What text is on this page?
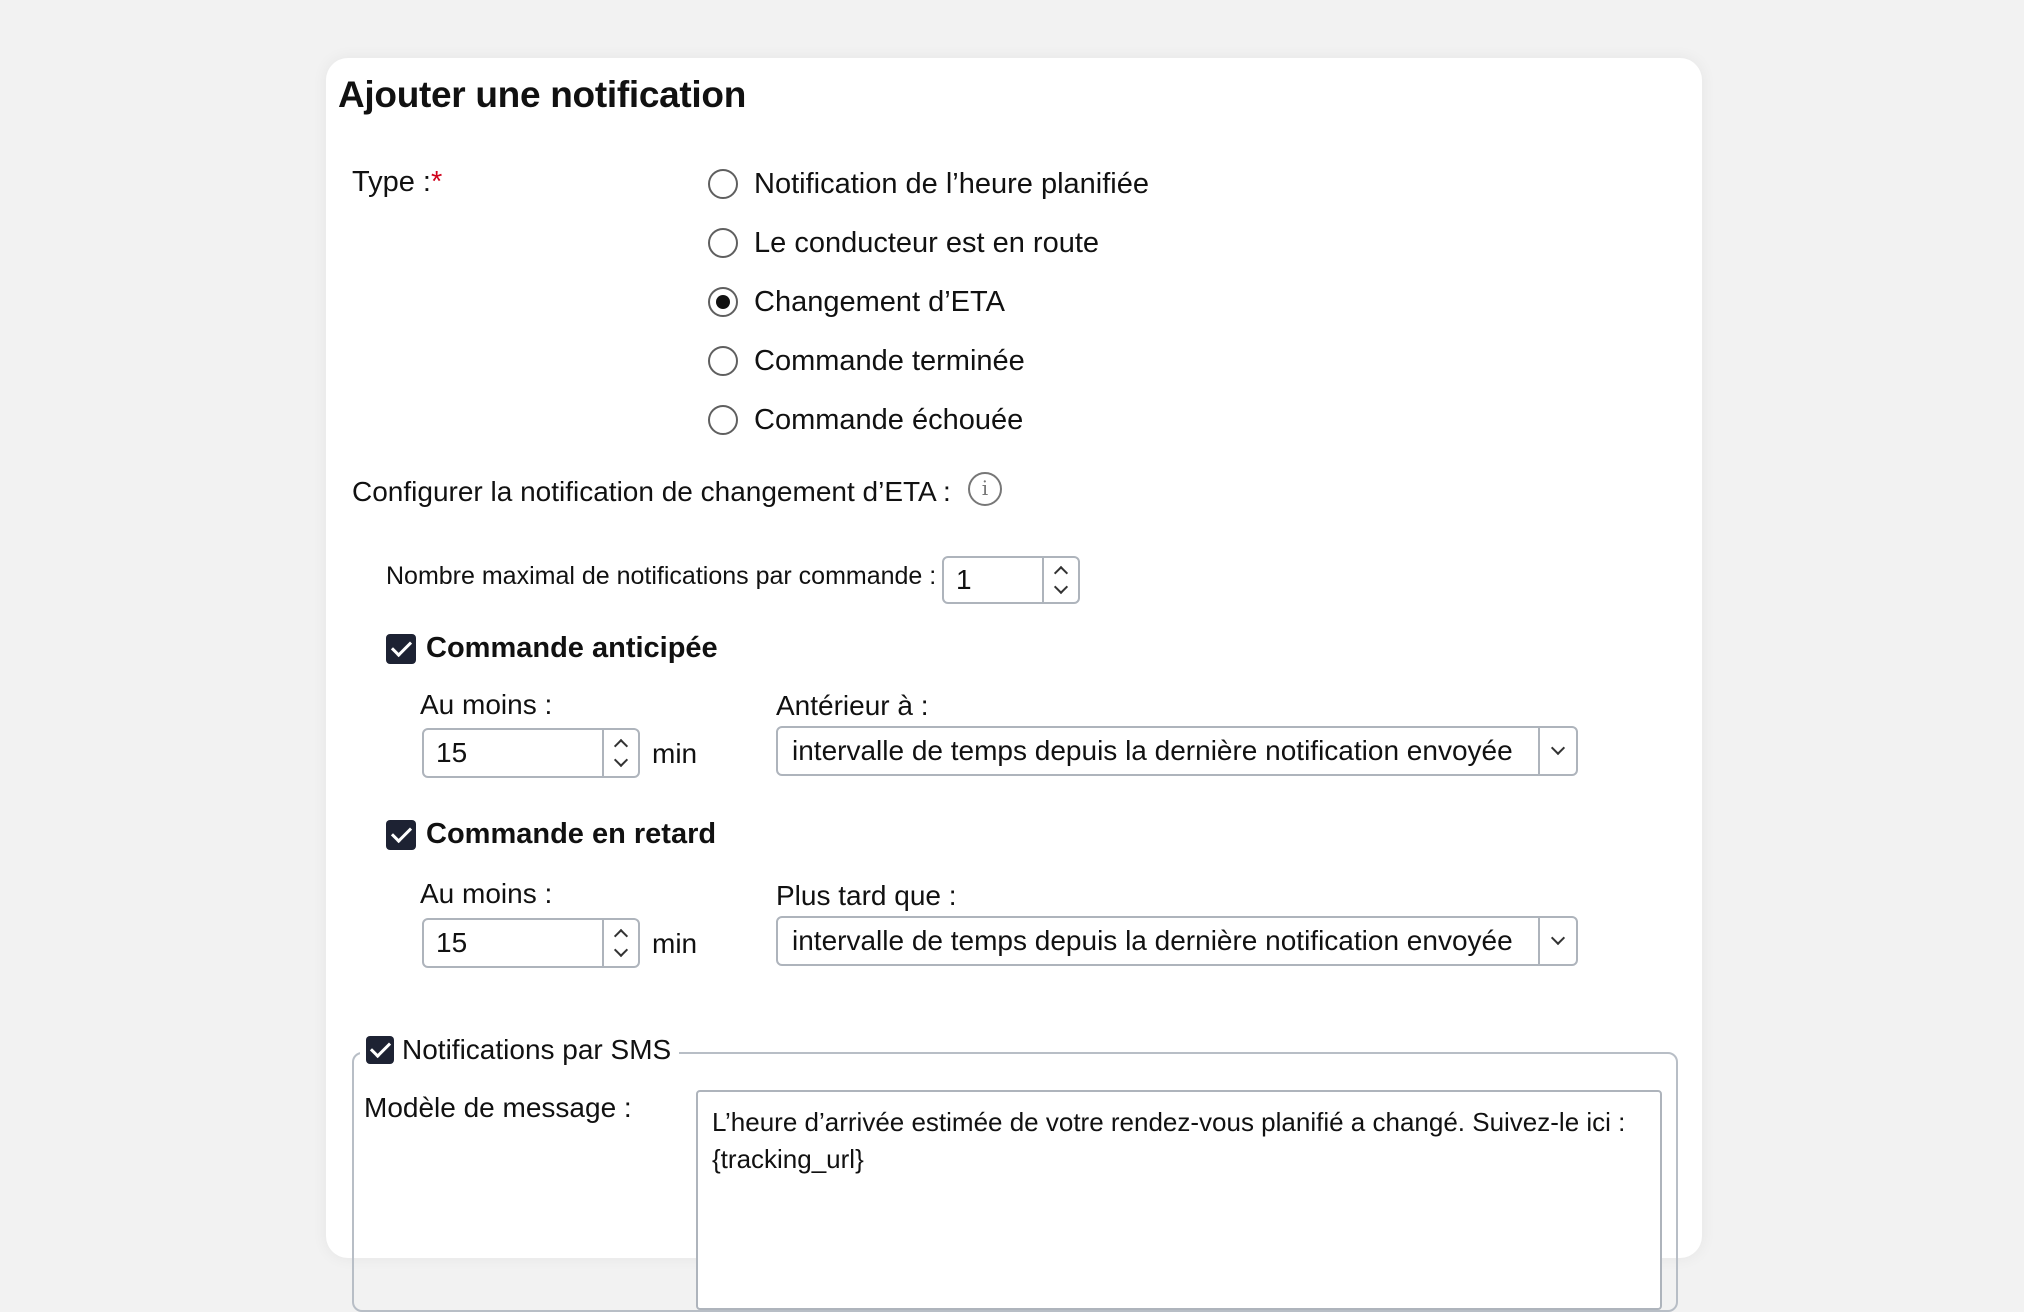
Ajouter une notification
Type :*	Notification de l’heure planifiée
Le conducteur est en route
Changement d’ETA
Commande terminée
Commande échouée
Configurer la notification de changement d’ETA :	i
Nombre maximal de notifications par commande : 1
Commande anticipée
Au moins :
15	min
Antérieur à :
intervalle de temps depuis la dernière notification envoyée
Commande en retard
Au moins :
15	min
Plus tard que :
intervalle de temps depuis la dernière notification envoyée
Notifications par SMS
Modèle de message :	L’heure d’arrivée estimée de votre rendez-vous planifié a changé. Suivez-le ici : {tracking_url}
